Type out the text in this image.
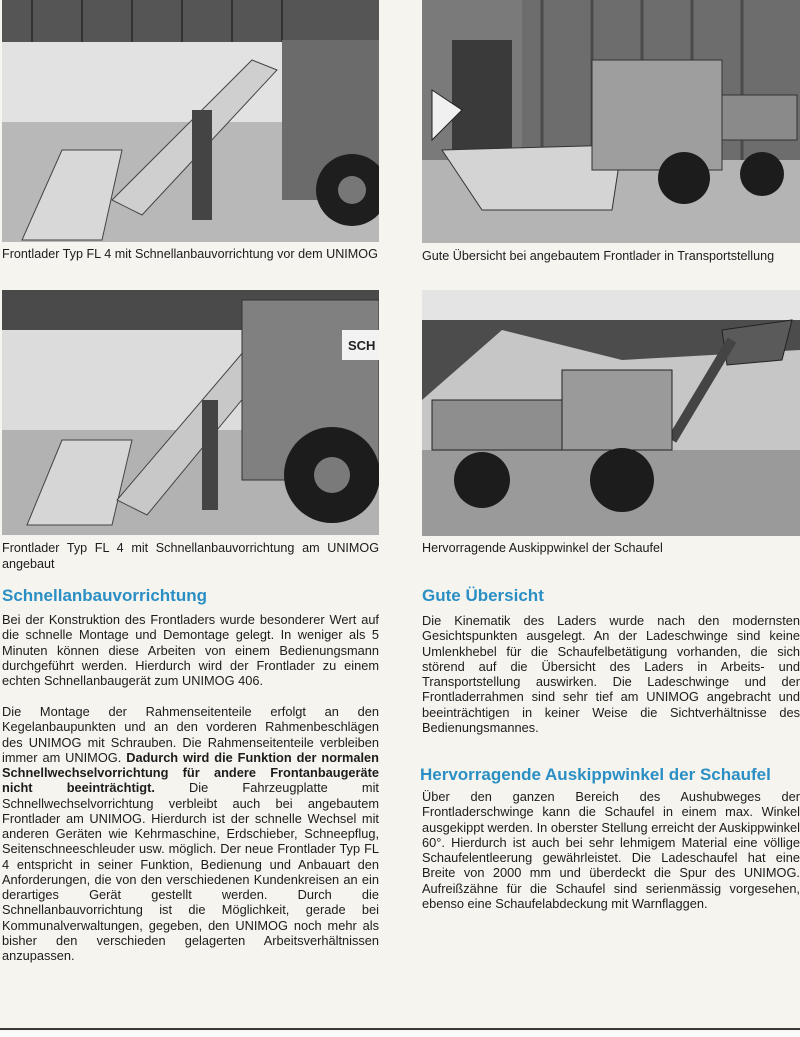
Frontlader Typ FL 4 mit Schnellanbauvorrichtung vor dem UNIMOG	Gute Übersicht bei angebautem Frontlader in Transportstellung

SCH

Frontlader Typ FL 4 mit Schnellanbauvorrichtung am UNIMOG angebaut

Hervorragende Auskippwinkel der Schaufel

Schnellanbauvorrichtung

Bei der Konstruktion des Frontladers wurde besonderer Wert auf die schnelle Montage und Demontage gelegt. In weniger als 5 Minuten können diese Arbeiten von einem Bedienungsmann durchgeführt werden. Hierdurch wird der Frontlader zu einem echten Schnellanbaugerät zum UNIMOG 406.

Die Montage der Rahmenseitenteile erfolgt an den Kegelanbaupunkten und an den vorderen Rahmenbeschlägen des UNIMOG mit Schrauben. Die Rahmenseitenteile verbleiben immer am UNIMOG. Dadurch wird die Funktion der normalen Schnellwechselvorrichtung für andere Frontanbaugeräte nicht beeinträchtigt. Die Fahrzeugplatte mit Schnellwechselvorrichtung verbleibt auch bei angebautem Frontlader am UNIMOG. Hierdurch ist der schnelle Wechsel mit anderen Geräten wie Kehrmaschine, Erdschieber, Schneepflug, Seitenschneeschleuder usw. möglich. Der neue Frontlader Typ FL 4 entspricht in seiner Funktion, Bedienung und Anbauart den Anforderungen, die von den verschiedenen Kundenkreisen an ein derartiges Gerät gestellt werden. Durch die Schnellanbauvorrichtung ist die Möglichkeit, gerade bei Kommunalverwaltungen, gegeben, den UNIMOG noch mehr als bisher den verschieden gelagerten Arbeitsverhältnissen anzupassen.

Gute Übersicht

Die Kinematik des Laders wurde nach den modernsten Gesichtspunkten ausgelegt. An der Ladeschwinge sind keine Umlenkhebel für die Schaufelbetätigung vorhanden, die sich störend auf die Übersicht des Laders in Arbeits- und Transportstellung auswirken. Die Ladeschwinge und der Frontladerrahmen sind sehr tief am UNIMOG angebracht und beeinträchtigen in keiner Weise die Sichtverhältnisse des Bedienungsmannes.

Hervorragende Auskippwinkel der Schaufel

Über den ganzen Bereich des Aushubweges der Frontladerschwinge kann die Schaufel in einem max. Winkel ausgekippt werden. In oberster Stellung erreicht der Auskippwinkel 60°. Hierdurch ist auch bei sehr lehmigem Material eine völlige Schaufelentleerung gewährleistet. Die Ladeschaufel hat eine Breite von 2000 mm und überdeckt die Spur des UNIMOG. Aufreißzähne für die Schaufel sind serienmässig vorgesehen, ebenso eine Schaufelabdeckung mit Warnflaggen.
